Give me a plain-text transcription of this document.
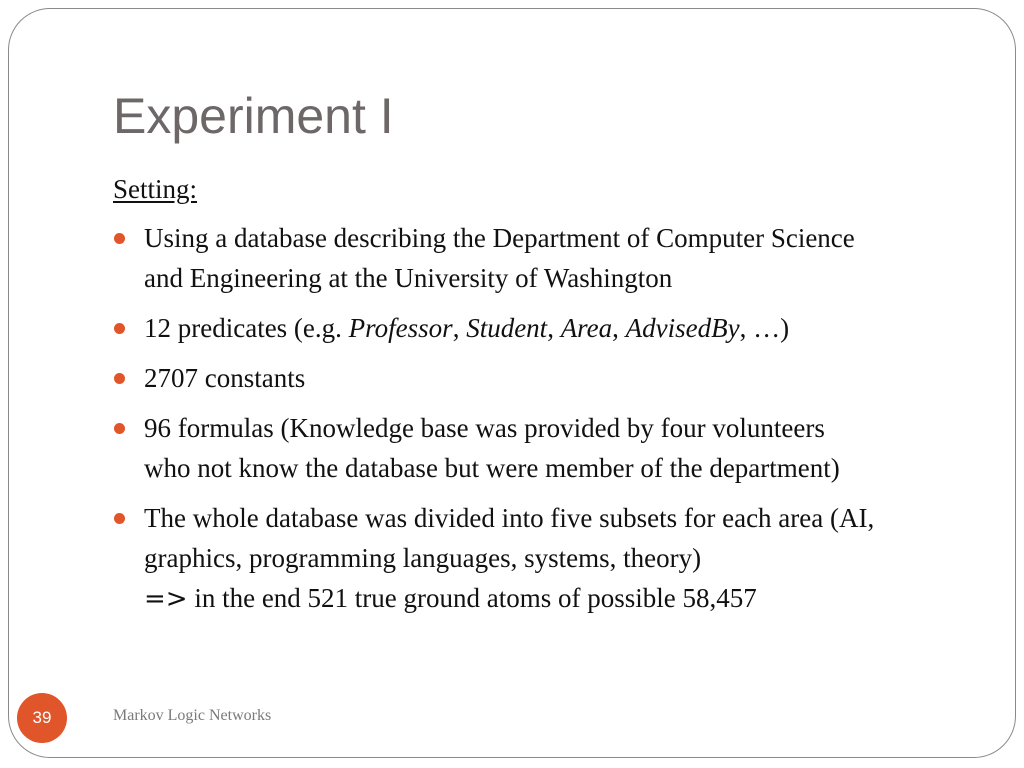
Experiment I
Setting:
Using a database describing the Department of Computer Science
and Engineering at the University of Washington
12 predicates (e.g. Professor, Student, Area, AdvisedBy, …)
2707 constants
96 formulas (Knowledge base was provided by four volunteers
who not know the database but were member of the department)
The whole database was divided into five subsets for each area (AI,
graphics, programming languages, systems, theory)
=> in the end 521 true ground atoms of possible 58,457
39	Markov Logic Networks
